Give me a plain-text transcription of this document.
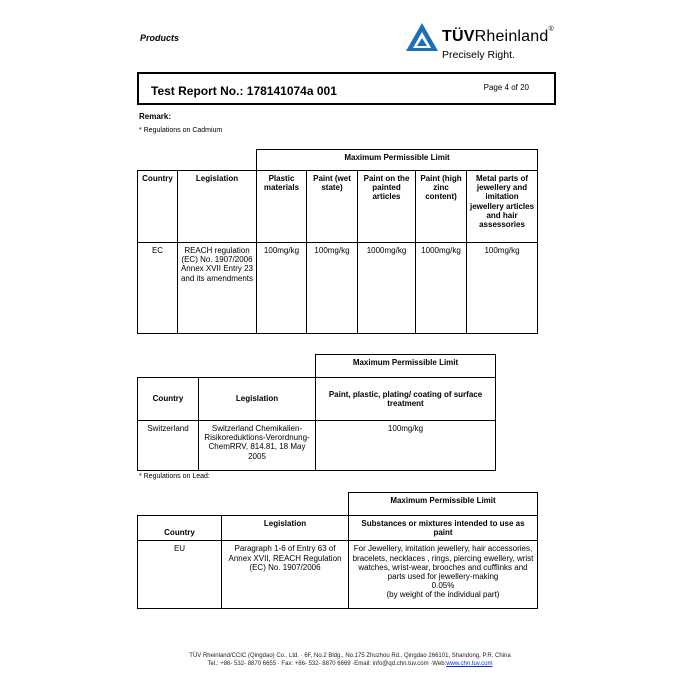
Products	TÜVRheinland®
Precisely Right.
Test Report No.: 178141074a 001	Page 4 of 20
Remark:
* Regulations on Cadmium
		Maximum Permissible Limit				
Country	Legislation	Plastic materials	Paint (wet state)	Paint on the painted articles	Paint (high zinc content)	Metal parts of jewellery and imitation jewellery articles and hair assessories
EC	REACH regulation (EC) No. 1907/2006 Annex XVII Entry 23 and its amendments	100mg/kg	100mg/kg	1000mg/kg	1000mg/kg	100mg/kg
		Maximum Permissible Limit
Country	Legislation	Paint, plastic, plating/ coating of surface treatment
Switzerland	Switzerland Chemikalien-Risikoreduktions-Verordnung-ChemRRV, 814.81, 18 May 2005	100mg/kg
* Regulations on Lead:
		Maximum Permissible Limit
Country	Legislation	Substances or mixtures intended to use as paint
EU	Paragraph 1-6 of Entry 63 of Annex XVII, REACH Regulation (EC) No. 1907/2006	For Jewellery, imitation jewellery, hair accessories, bracelets, necklaces , rings, piercing ewellery, wrist watches, wrist-wear, brooches and cufflinks and parts used for jewellery-making
0.05%
(by weight of the individual part)
TÜV Rheinland/CCIC (Qingdao) Co., Ltd. · 6F, No.2 Bldg., No.175 Zhuzhou Rd., Qingdao 266101, Shandong, P.R. China
Tel.: +86- 532- 8870 6655 · Fax: +86- 532- 8870 6669 ·Email: info@qd.chn.tuv.com ·Web:www.chn.tuv.com
